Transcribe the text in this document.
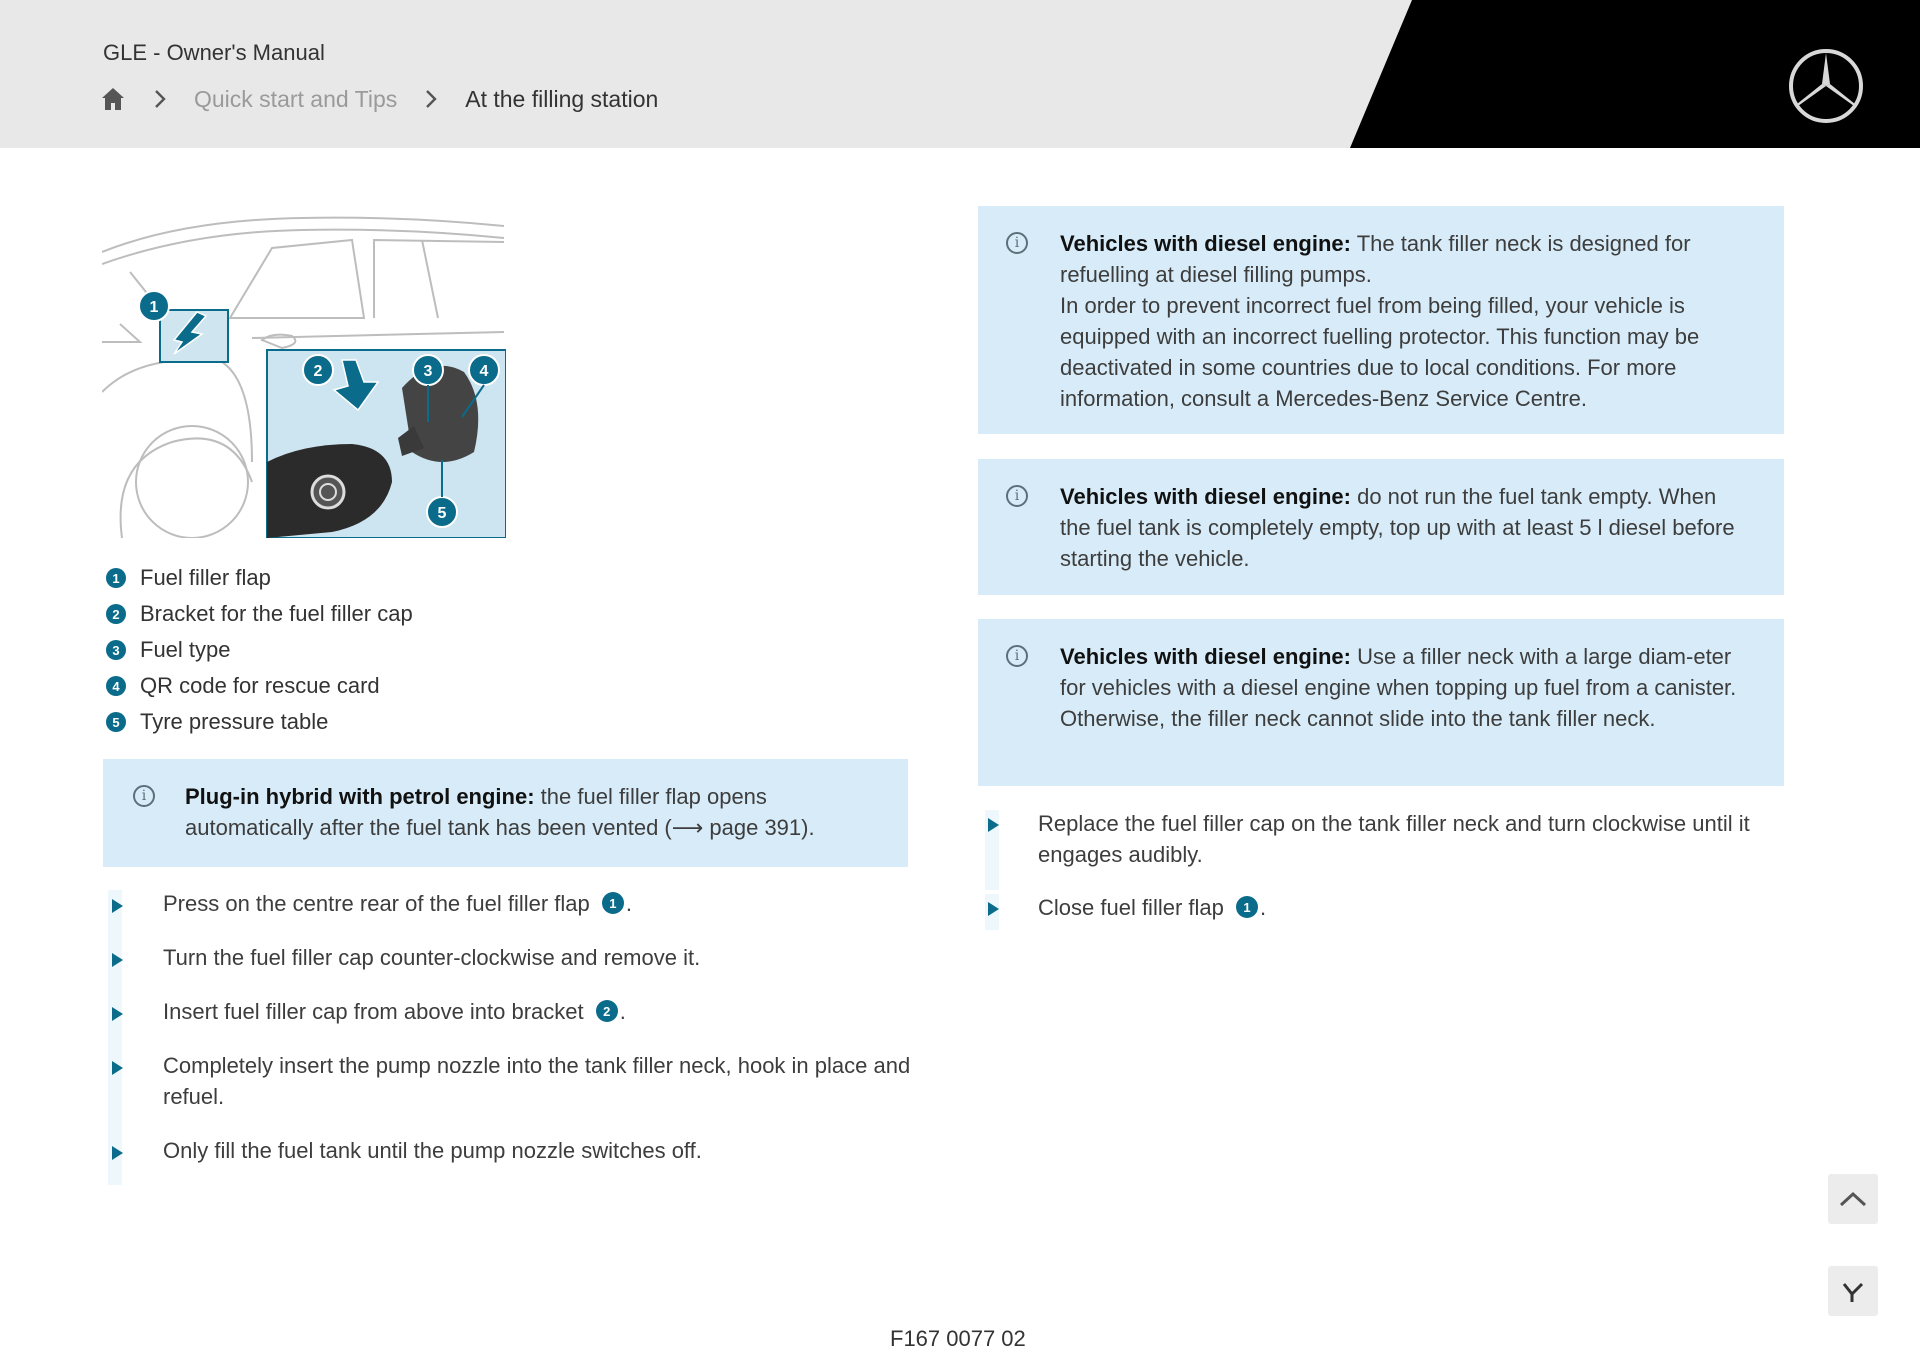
GLE - Owner's Manual
Quick start and Tips	At the filling station
1
2	3	4
5
1 Fuel filler flap
2 Bracket for the fuel filler cap
3 Fuel type
4 QR code for rescue card
5 Tyre pressure table
i	Plug-in hybrid with petrol engine: the fuel filler flap opens automatically after the fuel tank has been vented (⟶ page 391).
Press on the centre rear of the fuel filler flap 1 .
Turn the fuel filler cap counter-clockwise and remove it.
Insert fuel filler cap from above into bracket 2 .
Completely insert the pump nozzle into the tank filler neck, hook in place and refuel.
Only fill the fuel tank until the pump nozzle switches off.
i	Vehicles with diesel engine: The tank filler neck is designed for refuelling at diesel filling pumps.
In order to prevent incorrect fuel from being filled, your vehicle is equipped with an incorrect fuelling protector. This function may be deactivated in some countries due to local conditions. For more information, consult a Mercedes-Benz Service Centre.
i	Vehicles with diesel engine: do not run the fuel tank empty. When the fuel tank is completely empty, top up with at least 5 l diesel before starting the vehicle.
i	Vehicles with diesel engine: Use a filler neck with a large diam-eter for vehicles with a diesel engine when topping up fuel from a canister. Otherwise, the filler neck cannot slide into the tank filler neck.
Replace the fuel filler cap on the tank filler neck and turn clockwise until it engages audibly.
Close fuel filler flap 1 .
F167 0077 02
